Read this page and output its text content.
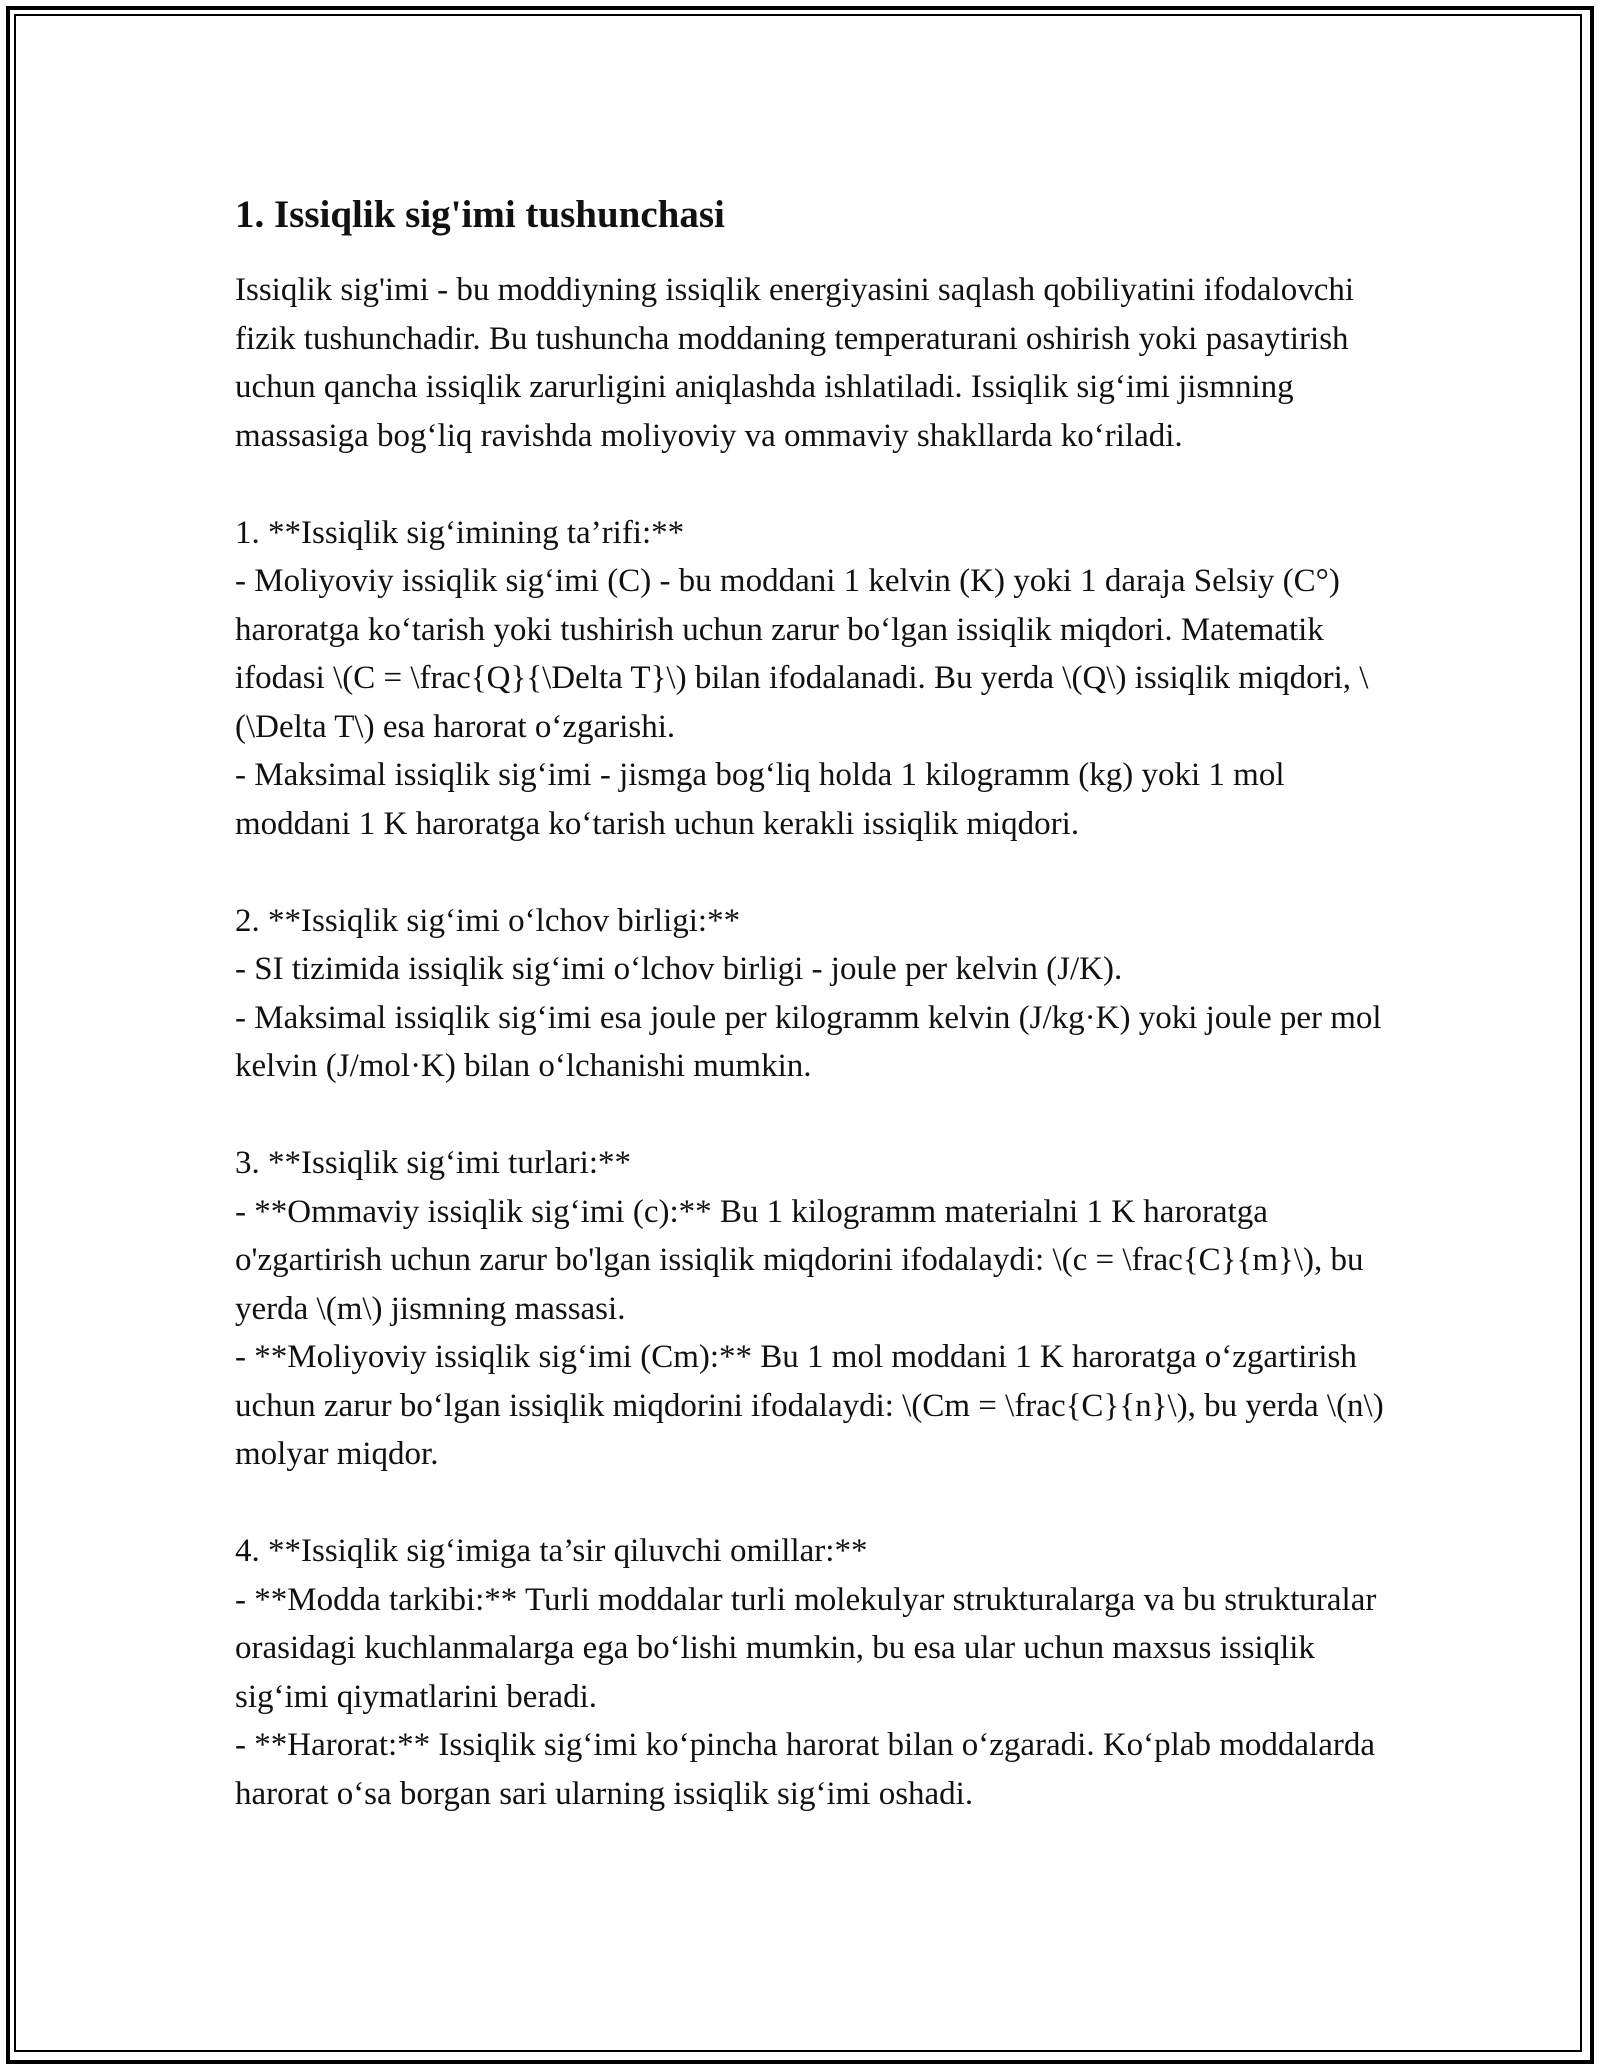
1. Issiqlik sig'imi tushunchasi

Issiqlik sig'imi - bu moddiyning issiqlik energiyasini saqlash qobiliyatini ifodalovchi fizik tushunchadir. Bu tushuncha moddaning temperaturani oshirish yoki pasaytirish uchun qancha issiqlik zarurligini aniqlashda ishlatiladi. Issiqlik sig‘imi jismning massasiga bog‘liq ravishda moliyoviy va ommaviy shakllarda ko‘riladi.

1. **Issiqlik sig‘imining ta’rifi:**

- Moliyoviy issiqlik sig‘imi (C) - bu moddani 1 kelvin (K) yoki 1 daraja Selsiy (C°) haroratga ko‘tarish yoki tushirish uchun zarur bo‘lgan issiqlik miqdori. Matematik ifodasi \(C = \frac{Q}{\Delta T}\) bilan ifodalanadi. Bu yerda \(Q\) issiqlik miqdori, \(\Delta T\) esa harorat o‘zgarishi.

- Maksimal issiqlik sig‘imi - jismga bog‘liq holda 1 kilogramm (kg) yoki 1 mol moddani 1 K haroratga ko‘tarish uchun kerakli issiqlik miqdori.

2. **Issiqlik sig‘imi o‘lchov birligi:**

- SI tizimida issiqlik sig‘imi o‘lchov birligi - joule per kelvin (J/K).

- Maksimal issiqlik sig‘imi esa joule per kilogramm kelvin (J/kg·K) yoki joule per mol kelvin (J/mol·K) bilan o‘lchanishi mumkin.

3. **Issiqlik sig‘imi turlari:**

- **Ommaviy issiqlik sig‘imi (c):** Bu 1 kilogramm materialni 1 K haroratga o'zgartirish uchun zarur bo'lgan issiqlik miqdorini ifodalaydi: \(c = \frac{C}{m}\), bu yerda \(m\) jismning massasi.

- **Moliyoviy issiqlik sig‘imi (Cm):** Bu 1 mol moddani 1 K haroratga o‘zgartirish uchun zarur bo‘lgan issiqlik miqdorini ifodalaydi: \(Cm = \frac{C}{n}\), bu yerda \(n\) molyar miqdor.

4. **Issiqlik sig‘imiga ta’sir qiluvchi omillar:**

- **Modda tarkibi:** Turli moddalar turli molekulyar strukturalarga va bu strukturalar orasidagi kuchlanmalarga ega bo‘lishi mumkin, bu esa ular uchun maxsus issiqlik sig‘imi qiymatlarini beradi.

- **Harorat:** Issiqlik sig‘imi ko‘pincha harorat bilan o‘zgaradi. Ko‘plab moddalarda harorat o‘sa borgan sari ularning issiqlik sig‘imi oshadi.
